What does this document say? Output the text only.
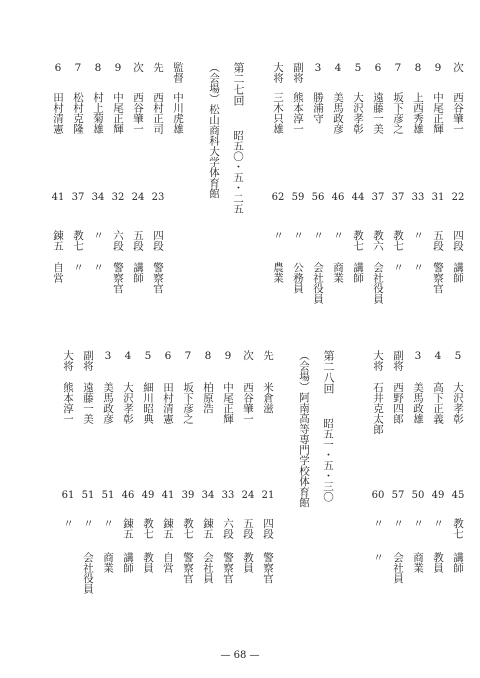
次
西谷肇一
22
四段
講師
9
中尾正輝
31
五段
警察官
8
上西秀雄
33
〃
〃
7
坂下彦之
37
教七
〃
6
遠藤一美
37
教六
会社役員
5
大沢孝彰
44
教七
講師
4
美馬政彦
46
〃
商業
3
勝浦守
56
〃
会社役員
副将
熊本淳一
59
〃
公務員
大将
三木只雄
62
〃
農業
第二七回
昭五〇・五・二五
（会場）松山商科大学体育館
監督
中川虎雄
先
西村正司
23
四段
警察官
次
西谷肇一
24
五段
講師
9
中尾正輝
32
六段
警察官
8
村上菊雄
34
〃
〃
7
松村克隆
37
教七
〃
6
田村清憲
41
錬五
自営
5
大沢孝彰
45
教七
講師
4
高下正義
49
〃
教員
3
美馬政雄
50
〃
商業
副将
西野四郎
57
〃
会社員
大将
石井克太郎
60
〃
〃
第二八回
昭五一・五・三〇
（会場）阿南高等専門学校体育館
先
米倉滋
21
四段
警察官
次
西谷肇一
24
五段
教員
9
中尾正輝
33
六段
警察官
8
柏原浩
34
錬五
会社員
7
坂下彦之
39
教七
警察官
6
田村清憲
41
錬五
自営
5
細川昭典
49
教七
教員
4
大沢孝彰
46
錬五
講師
3
美馬政彦
51
〃
商業
副将
遠藤一美
51
〃
会社役員
大将
熊本淳一
61
〃
— 68 —
